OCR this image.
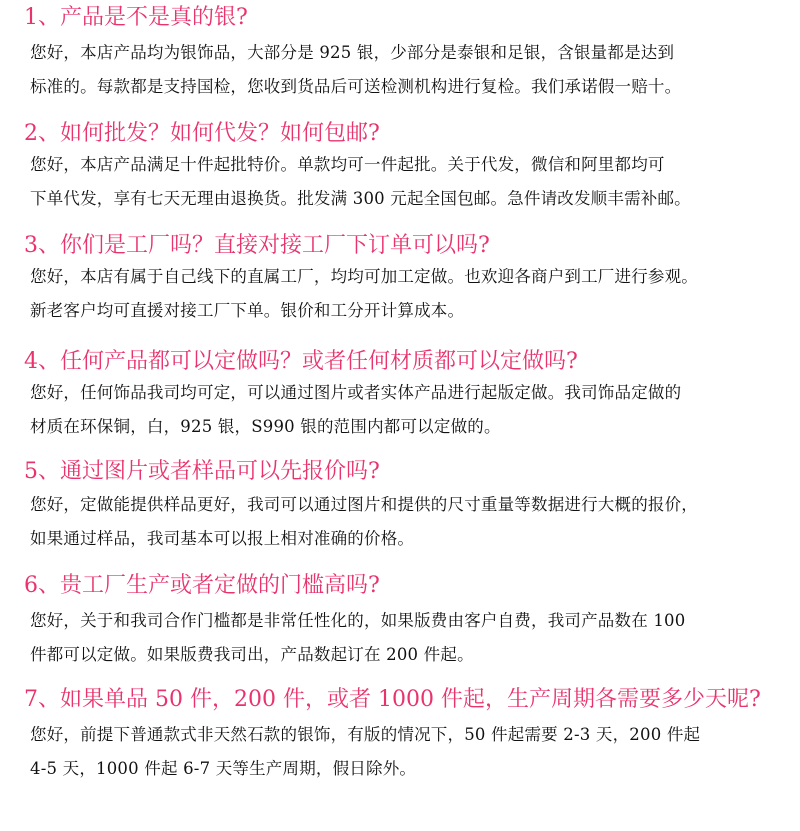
1、产品是不是真的银?
您好，本店产品均为银饰品，大部分是 925 银，少部分是泰银和足银，含银量都是达到
标准的。每款都是支持国检，您收到货品后可送检测机构进行复检。我们承诺假一赔十。
2、如何批发？如何代发？如何包邮?
您好，本店产品满足十件起批特价。单款均可一件起批。关于代发，微信和阿里都均可
下单代发，享有七天无理由退换货。批发满 300 元起全国包邮。急件请改发顺丰需补邮。
3、你们是工厂吗？直接对接工厂下订单可以吗?
您好，本店有属于自己线下的直属工厂，均均可加工定做。也欢迎各商户到工厂进行参观。
新老客户均可直援对接工厂下单。银价和工分开计算成本。
4、任何产品都可以定做吗？或者任何材质都可以定做吗?
您好，任何饰品我司均可定，可以通过图片或者实体产品进行起版定做。我司饰品定做的
材质在环保铜，白，925 银，S990 银的范围内都可以定做的。
5、通过图片或者样品可以先报价吗?
您好，定做能提供样品更好，我司可以通过图片和提供的尺寸重量等数据进行大概的报价，
如果通过样品，我司基本可以报上相对准确的价格。
6、贵工厂生产或者定做的门槛高吗?
您好，关于和我司合作门槛都是非常任性化的，如果版费由客户自费，我司产品数在 100
件都可以定做。如果版费我司出，产品数起订在 200 件起。
7、如果单品 50 件，200 件，或者 1000 件起，生产周期各需要多少天呢?
您好，前提下普通款式非天然石款的银饰，有版的情况下，50 件起需要 2-3 天，200 件起
4-5 天，1000 件起 6-7 天等生产周期，假日除外。
